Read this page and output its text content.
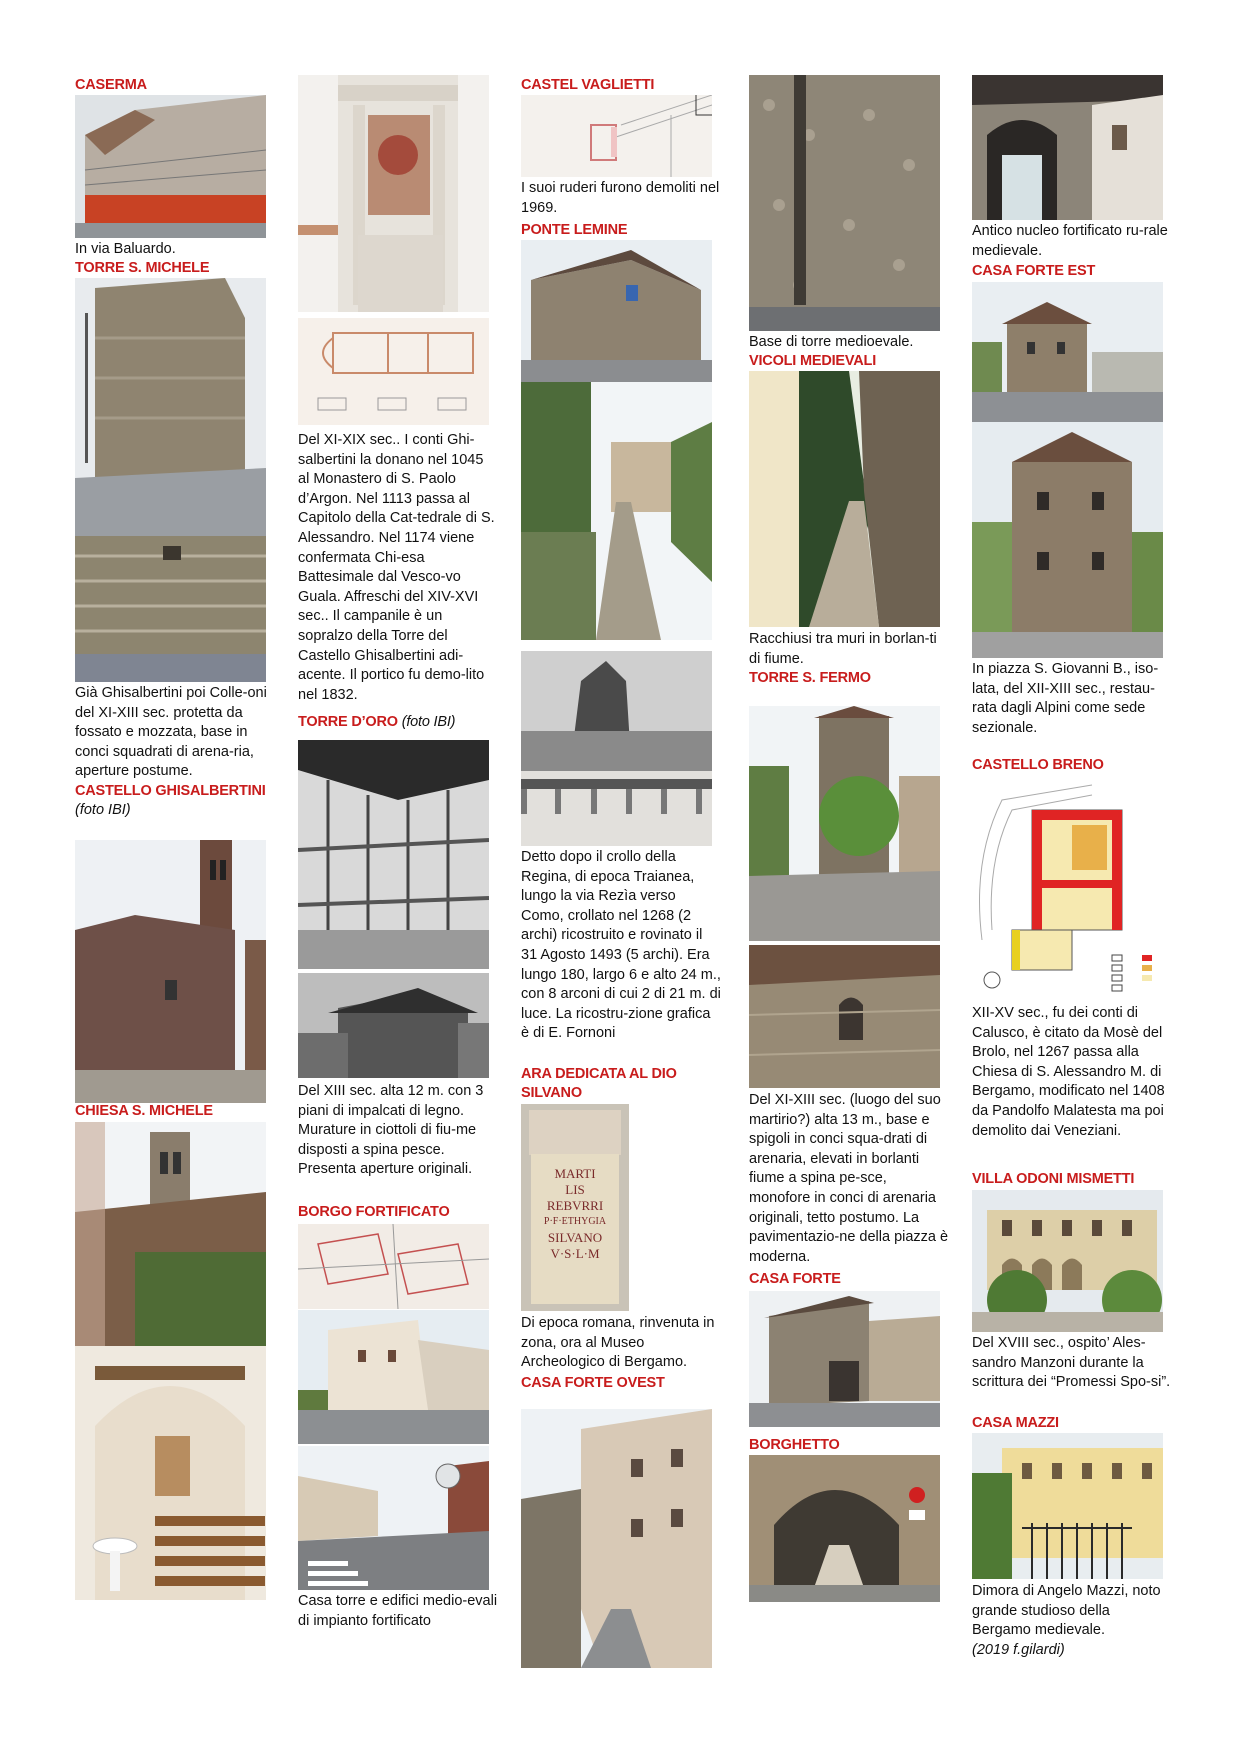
CASERMA
In via Baluardo.
TORRE S. MICHELE
Già Ghisalbertini poi Colle-oni del XI-XIII sec. protetta da fossato e mozzata, base in conci squadrati di arena-ria, aperture postume.
CASTELLO GHISALBERTINI
(foto IBI)
CHIESA S. MICHELE
Del XI-XIX sec.. I conti Ghi-salbertini la donano nel 1045 al Monastero di S. Paolo d’Argon. Nel 1113 passa al Capitolo della Cat-tedrale di S. Alessandro. Nel 1174 viene confermata Chi-esa Battesimale dal Vesco-vo Guala. Affreschi del XIV-XVI sec.. Il campanile è un sopralzo della Torre del Castello Ghisalbertini adi-acente. Il portico fu demo-lito nel 1832.
TORRE D’ORO (foto IBI)
Del XIII sec. alta 12 m. con 3 piani di impalcati di legno. Murature in ciottoli di fiu-me disposti a spina pesce. Presenta aperture originali.
BORGO FORTIFICATO
Casa torre e edifici medio-evali di impianto fortificato
CASTEL VAGLIETTI
I suoi ruderi furono demoliti nel 1969.
PONTE LEMINE
Detto dopo il crollo della Regina, di epoca Traianea, lungo la via Rezìa verso Como, crollato nel 1268 (2 archi) ricostruito e rovinato il 31 Agosto 1493 (5 archi). Era lungo 180, largo 6 e alto 24 m., con 8 arconi di cui 2 di 21 m. di luce. La ricostru-zione grafica è di E. Fornoni
ARA DEDICATA AL DIO SILVANO
MARTI
LIS
REBVRRI
P·F·ETHYGIA
SILVANO
V·S·L·M
Di epoca romana, rinvenuta in zona, ora al Museo Archeologico di Bergamo.
CASA FORTE OVEST
Base di torre medioevale.
VICOLI MEDIEVALI
Racchiusi tra muri in borlan-ti di fiume.
TORRE S. FERMO
Del XI-XIII sec. (luogo del suo martirio?) alta 13 m., base e spigoli in conci squa-drati di arenaria, elevati in borlanti fiume a spina pe-sce, monofore in conci di arenaria originali, tetto postumo. La pavimentazio-ne della piazza è moderna.
CASA FORTE
BORGHETTO
Antico nucleo fortificato ru-rale medievale.
CASA FORTE EST
In piazza S. Giovanni B., iso-lata, del XII-XIII sec., restau-rata dagli Alpini come sede sezionale.
CASTELLO BRENO
XII-XV sec., fu dei conti di Calusco, è citato da Mosè del Brolo, nel 1267 passa alla Chiesa di S. Alessandro M. di Bergamo, modificato nel 1408 da Pandolfo Malatesta ma poi demolito dai Veneziani.
VILLA ODONI MISMETTI
Del XVIII sec., ospito’ Ales-sandro Manzoni durante la scrittura dei “Promessi Spo-si”.
CASA MAZZI
Dimora di Angelo Mazzi, noto grande studioso della Bergamo medievale.
(2019 f.gilardi)
